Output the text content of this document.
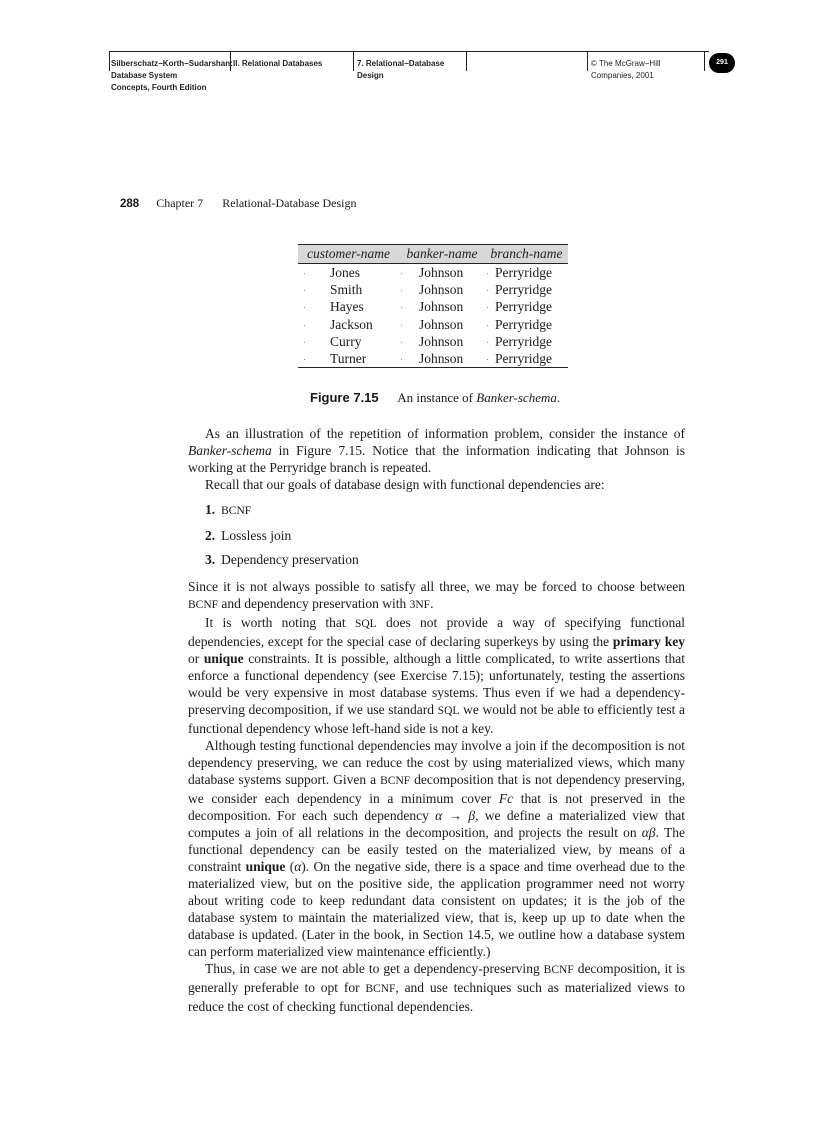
Silberschatz−Korth−Sudarshan:
Database System
Concepts, Fourth Edition
II. Relational Databases	7. Relational−Database
Design
© The McGraw−Hill
Companies, 2001
291
288 Chapter 7 Relational-Database Design
customer-name	banker-name branch-name
Jones	Johnson	Perryridge
Smith	Johnson	Perryridge
Hayes	Johnson	Perryridge
Jackson	Johnson	Perryridge
Curry	Johnson	Perryridge
Turner	Johnson	Perryridge
Figure 7.15 An instance of Banker-schema.

As an illustration of the repetition of information problem, consider the instance of Banker-schema in Figure 7.15. Notice that the information indicating that Johnson is working at the Perryridge branch is repeated.

Recall that our goals of database design with functional dependencies are:

1. BCNF
2. Lossless join
3. Dependency preservation

Since it is not always possible to satisfy all three, we may be forced to choose between BCNF and dependency preservation with 3NF.

It is worth noting that SQL does not provide a way of specifying functional dependencies, except for the special case of declaring superkeys by using the primary key or unique constraints. It is possible, although a little complicated, to write assertions that enforce a functional dependency (see Exercise 7.15); unfortunately, testing the assertions would be very expensive in most database systems. Thus even if we had a dependency-preserving decomposition, if we use standard SQL we would not be able to efficiently test a functional dependency whose left-hand side is not a key.

Although testing functional dependencies may involve a join if the decomposition is not dependency preserving, we can reduce the cost by using materialized views, which many database systems support. Given a BCNF decomposition that is not dependency preserving, we consider each dependency in a minimum cover Fc that is not preserved in the decomposition. For each such dependency α → β, we define a materialized view that computes a join of all relations in the decomposition, and projects the result on αβ. The functional dependency can be easily tested on the materialized view, by means of a constraint unique (α). On the negative side, there is a space and time overhead due to the materialized view, but on the positive side, the application programmer need not worry about writing code to keep redundant data consistent on updates; it is the job of the database system to maintain the materialized view, that is, keep up up to date when the database is updated. (Later in the book, in Section 14.5, we outline how a database system can perform materialized view maintenance efficiently.)

Thus, in case we are not able to get a dependency-preserving BCNF decomposition, it is generally preferable to opt for BCNF, and use techniques such as materialized views to reduce the cost of checking functional dependencies.
